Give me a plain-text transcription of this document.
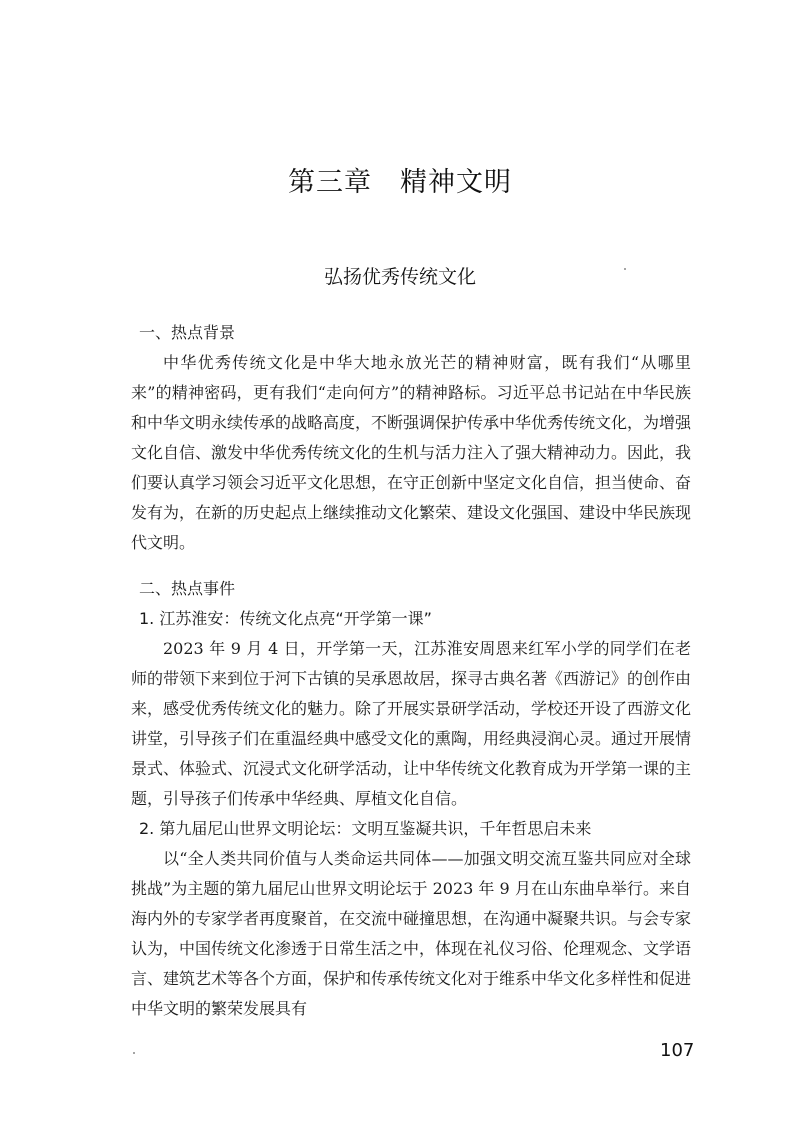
第三章　精神文明
弘扬优秀传统文化
一、热点背景

中华优秀传统文化是中华大地永放光芒的精神财富，既有我们“从哪里来”的精神密码，更有我们“走向何方”的精神路标。习近平总书记站在中华民族和中华文明永续传承的战略高度，不断强调保护传承中华优秀传统文化，为增强文化自信、激发中华优秀传统文化的生机与活力注入了强大精神动力。因此，我们要认真学习领会习近平文化思想，在守正创新中坚定文化自信，担当使命、奋发有为，在新的历史起点上继续推动文化繁荣、建设文化强国、建设中华民族现代文明。

二、热点事件
1. 江苏淮安：传统文化点亮“开学第一课”

2023 年 9 月 4 日，开学第一天，江苏淮安周恩来红军小学的同学们在老师的带领下来到位于河下古镇的吴承恩故居，探寻古典名著《西游记》的创作由来，感受优秀传统文化的魅力。除了开展实景研学活动，学校还开设了西游文化讲堂，引导孩子们在重温经典中感受文化的熏陶，用经典浸润心灵。通过开展情景式、体验式、沉浸式文化研学活动，让中华传统文化教育成为开学第一课的主题，引导孩子们传承中华经典、厚植文化自信。

2. 第九届尼山世界文明论坛：文明互鉴凝共识，千年哲思启未来

以“全人类共同价值与人类命运共同体——加强文明交流互鉴共同应对全球挑战”为主题的第九届尼山世界文明论坛于 2023 年 9 月在山东曲阜举行。来自海内外的专家学者再度聚首，在交流中碰撞思想，在沟通中凝聚共识。与会专家认为，中国传统文化渗透于日常生活之中，体现在礼仪习俗、伦理观念、文学语言、建筑艺术等各个方面，保护和传承传统文化对于维系中华文化多样性和促进中华文明的繁荣发展具有

107
